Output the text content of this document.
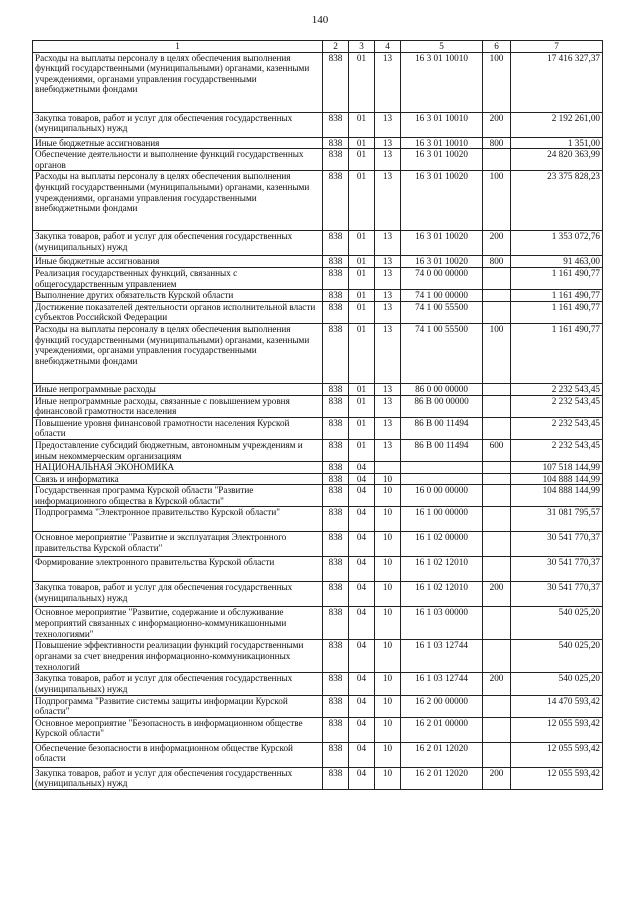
140
1	2	3	4	5	6	7
Расходы на выплаты персоналу в целях обеспечения выполнения функций государственными (муниципальными) органами, казенными учреждениями, органами управления государственными внебюджетными фондами	838	01	13	16 3 01 10010	100	17 416 327,37
Закупка товаров, работ и услуг для обеспечения государственных (муниципальных) нужд	838	01	13	16 3 01 10010	200	2 192 261,00
Иные бюджетные ассигнования	838	01	13	16 3 01 10010	800	1 351,00
Обеспечение деятельности и выполнение функций государственных органов	838	01	13	16 3 01 10020		24 820 363,99
Расходы на выплаты персоналу в целях обеспечения выполнения функций государственными (муниципальными) органами, казенными учреждениями, органами управления государственными внебюджетными фондами	838	01	13	16 3 01 10020	100	23 375 828,23
Закупка товаров, работ и услуг для обеспечения государственных (муниципальных) нужд	838	01	13	16 3 01 10020	200	1 353 072,76
Иные бюджетные ассигнования	838	01	13	16 3 01 10020	800	91 463,00
Реализация государственных функций, связанных с общегосударственным управлением	838	01	13	74 0 00 00000		1 161 490,77
Выполнение других обязательств Курской области	838	01	13	74 1 00 00000		1 161 490,77
Достижение показателей деятельности органов исполнительной власти субъектов Российской Федерации	838	01	13	74 1 00 55500		1 161 490,77
Расходы на выплаты персоналу в целях обеспечения выполнения функций государственными (муниципальными) органами, казенными учреждениями, органами управления государственными внебюджетными фондами	838	01	13	74 1 00 55500	100	1 161 490,77
Иные непрограммные расходы	838	01	13	86 0 00 00000		2 232 543,45
Иные непрограммные расходы, связанные с повышением уровня финансовой грамотности населения	838	01	13	86 В 00 00000		2 232 543,45
Повышение уровня финансовой грамотности населения Курской области	838	01	13	86 В 00 11494		2 232 543,45
Предоставление субсидий бюджетным, автономным учреждениям и иным некоммерческим организациям	838	01	13	86 В 00 11494	600	2 232 543,45
НАЦИОНАЛЬНАЯ ЭКОНОМИКА	838	04				107 518 144,99
Связь и информатика	838	04	10			104 888 144,99
Государственная программа Курской области "Развитие информационного общества в Курской области"	838	04	10	16 0 00 00000		104 888 144,99
Подпрограмма "Электронное правительство Курской области"	838	04	10	16 1 00 00000		31 081 795,57
Основное мероприятие "Развитие и эксплуатация Электронного правительства Курской области"	838	04	10	16 1 02 00000		30 541 770,37
Формирование электронного правительства Курской области	838	04	10	16 1 02 12010		30 541 770,37
Закупка товаров, работ и услуг для обеспечения государственных (муниципальных) нужд	838	04	10	16 1 02 12010	200	30 541 770,37
Основное мероприятие "Развитие, содержание и обслуживание мероприятий связанных с информационно-коммуникашонными технологиями"	838	04	10	16 1 03 00000		540 025,20
Повышение эффективности реализации функций государственными органами за счет внедрения информационно-коммуникационных технологий	838	04	10	16 1 03 12744		540 025,20
Закупка товаров, работ и услуг для обеспечения государственных (муниципальных) нужд	838	04	10	16 1 03 12744	200	540 025,20
Подпрограмма "Развитие системы защиты информации Курской области"	838	04	10	16 2 00 00000		14 470 593,42
Основное мероприятие "Безопасность в информационном обществе Курской области"	838	04	10	16 2 01 00000		12 055 593,42
Обеспечение безопасности в информационном обществе Курской области	838	04	10	16 2 01 12020		12 055 593,42
Закупка товаров, работ и услуг для обеспечения государственных (муниципальных) нужд	838	04	10	16 2 01 12020	200	12 055 593,42
